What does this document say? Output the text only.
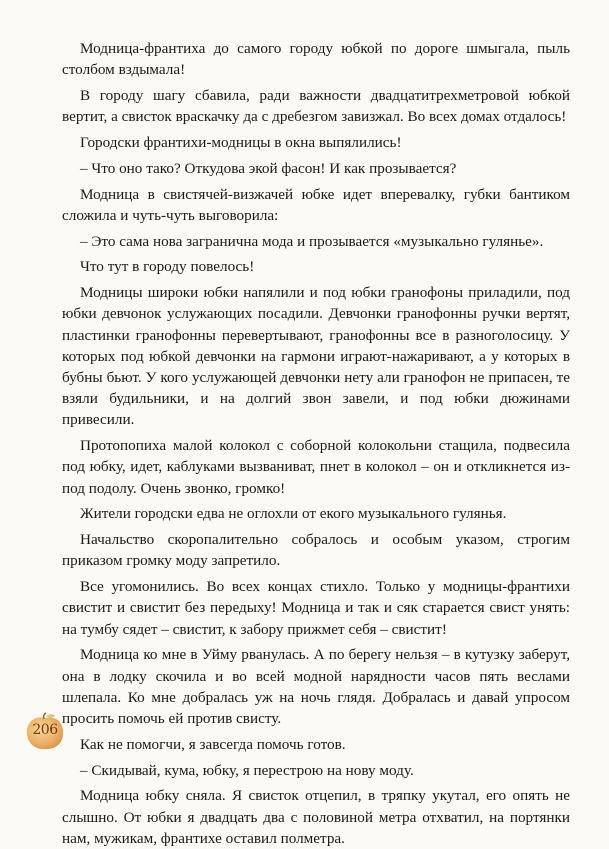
Модница-франтиха до самого городу юбкой по дороге шмыгала, пыль столбом вздымала!

В городу шагу сбавила, ради важности двадцатитрехметровой юбкой вертит, а свисток враскачку да с дребезгом завизжал. Во всех домах отдалось!

Городски франтихи-модницы в окна выпялились!

– Что оно тако? Откудова экой фасон! И как прозывается?

Модница в свистячей-визжачей юбке идет вперевалку, губки бантиком сложила и чуть-чуть выговорила:

– Это сама нова загранична мода и прозывается «музыкально гулянье».

Что тут в городу повелось!

Модницы широки юбки напялили и под юбки гранофоны приладили, под юбки девчонок услужающих посадили. Девчонки гранофонны ручки вертят, пластинки гранофонны перевертывают, гранофонны все в разноголосицу. У которых под юбкой девчонки на гармони играют-нажаривают, а у которых в бубны бьют. У кого услужающей девчонки нету али гранофон не припасен, те взяли будильники, и на долгий звон завели, и под юбки дюжинами привесили.

Протопопиха малой колокол с соборной колокольни стащила, подвесила под юбку, идет, каблуками вызваниват, пнет в колокол – он и откликнется из-под подолу. Очень звонко, громко!

Жители городски едва не оглохли от екого музыкального гулянья.

Начальство скоропалительно собралось и особым указом, строгим приказом громку моду запретило.

Все угомонились. Во всех концах стихло. Только у модницы-франтихи свистит и свистит без передыху! Модница и так и сяк старается свист унять: на тумбу сядет – свистит, к забору прижмет себя – свистит!

Модница ко мне в Уйму рванулась. А по берегу нельзя – в кутузку заберут, она в лодку скочила и во всей модной нарядности часов пять веслами шлепала. Ко мне добралась уж на ночь глядя. Добралась и давай упросом просить помочь ей против свисту.

Как не помогчи, я завсегда помочь готов.

– Скидывай, кума, юбку, я перестрою на нову моду.

Модница юбку сняла. Я свисток отцепил, в тряпку укутал, его опять не слышно. От юбки я двадцать два с половиной метра отхватил, на портянки нам, мужикам, франтихе оставил полметра.

206
